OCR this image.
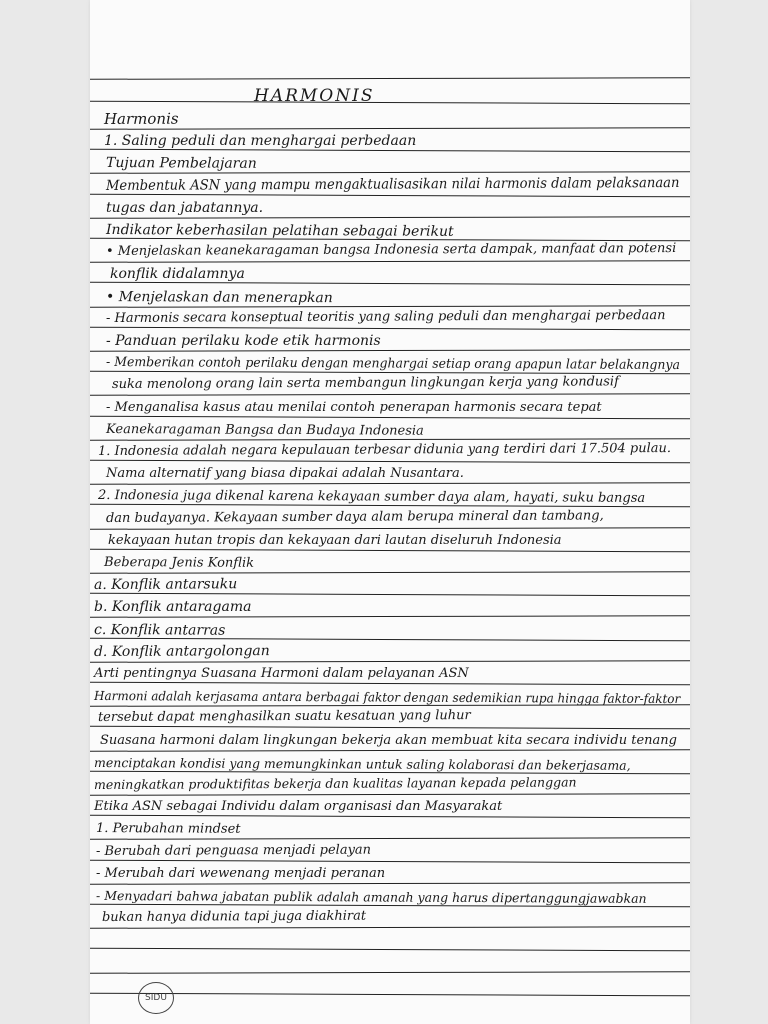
HARMONIS
Harmonis
1. Saling peduli dan menghargai perbedaan
Tujuan Pembelajaran
Membentuk ASN yang mampu mengaktualisasikan nilai harmonis dalam pelaksanaan
tugas dan jabatannya.
Indikator keberhasilan pelatihan sebagai berikut
• Menjelaskan keanekaragaman bangsa Indonesia serta dampak, manfaat dan potensi
konflik didalamnya
• Menjelaskan dan menerapkan
- Harmonis secara konseptual teoritis yang saling peduli dan menghargai perbedaan
- Panduan perilaku kode etik harmonis
- Memberikan contoh perilaku dengan menghargai setiap orang apapun latar belakangnya
suka menolong orang lain serta membangun lingkungan kerja yang kondusif
- Menganalisa kasus atau menilai contoh penerapan harmonis secara tepat
Keanekaragaman Bangsa dan Budaya Indonesia
1. Indonesia adalah negara kepulauan terbesar didunia yang terdiri dari 17.504 pulau.
Nama alternatif yang biasa dipakai adalah Nusantara.
2. Indonesia juga dikenal karena kekayaan sumber daya alam, hayati, suku bangsa
dan budayanya. Kekayaan sumber daya alam berupa mineral dan tambang,
kekayaan hutan tropis dan kekayaan dari lautan diseluruh Indonesia
Beberapa Jenis Konflik
a. Konflik antarsuku
b. Konflik antaragama
c. Konflik antarras
d. Konflik antargolongan
Arti pentingnya Suasana Harmoni dalam pelayanan ASN
Harmoni adalah kerjasama antara berbagai faktor dengan sedemikian rupa hingga faktor-faktor
tersebut dapat menghasilkan suatu kesatuan yang luhur
Suasana harmoni dalam lingkungan bekerja akan membuat kita secara individu tenang
menciptakan kondisi yang memungkinkan untuk saling kolaborasi dan bekerjasama,
meningkatkan produktifitas bekerja dan kualitas layanan kepada pelanggan
Etika ASN sebagai Individu dalam organisasi dan Masyarakat
1. Perubahan mindset
- Berubah dari penguasa menjadi pelayan
- Merubah dari wewenang menjadi peranan
- Menyadari bahwa jabatan publik adalah amanah yang harus dipertanggungjawabkan
bukan hanya didunia tapi juga diakhirat
SIDU
